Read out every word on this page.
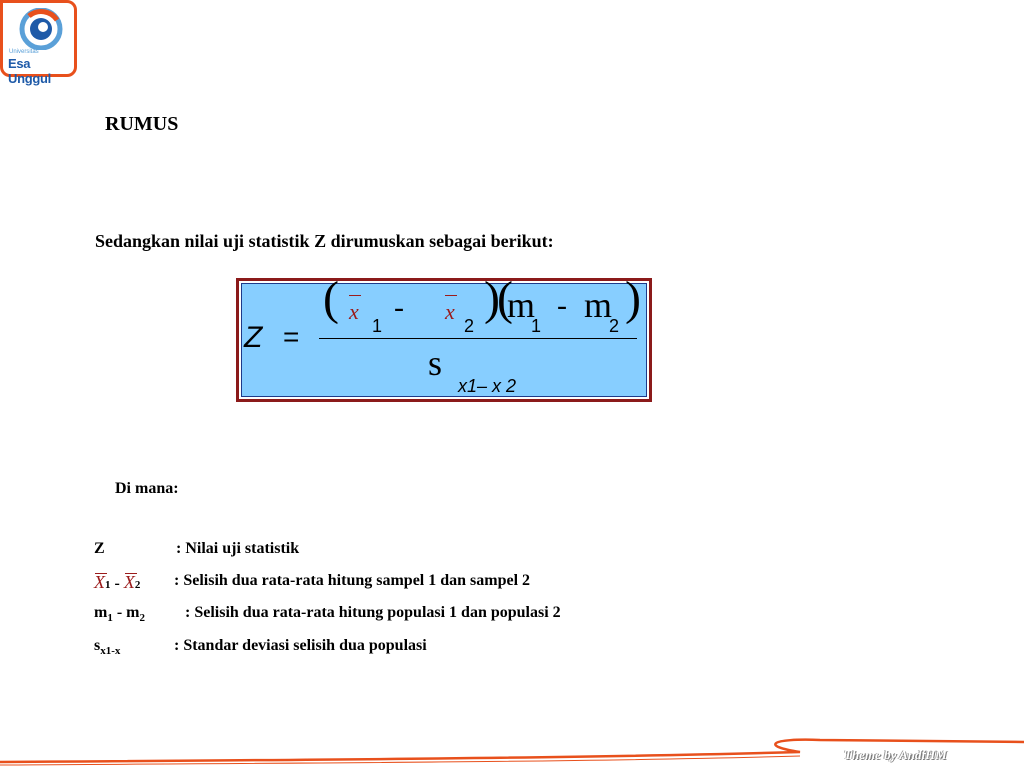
Universitas
Esa Unggul
RUMUS
Sedangkan nilai uji statistik Z dirumuskan sebagai berikut:
Z =
( x
1
- x
2
)
(
m
1
- m
2
)
s
x1– x 2
Di mana:
Z	: Nilai uji statistik
X1 - X2 : Selisih dua rata-rata hitung sampel 1 dan sampel 2
$m_1 - m_2$	: Selisih dua rata-rata hitung populasi 1 dan populasi 2
$s_{x1-x}$	: Standar deviasi selisih dua populasi
Theme by AndiHM
